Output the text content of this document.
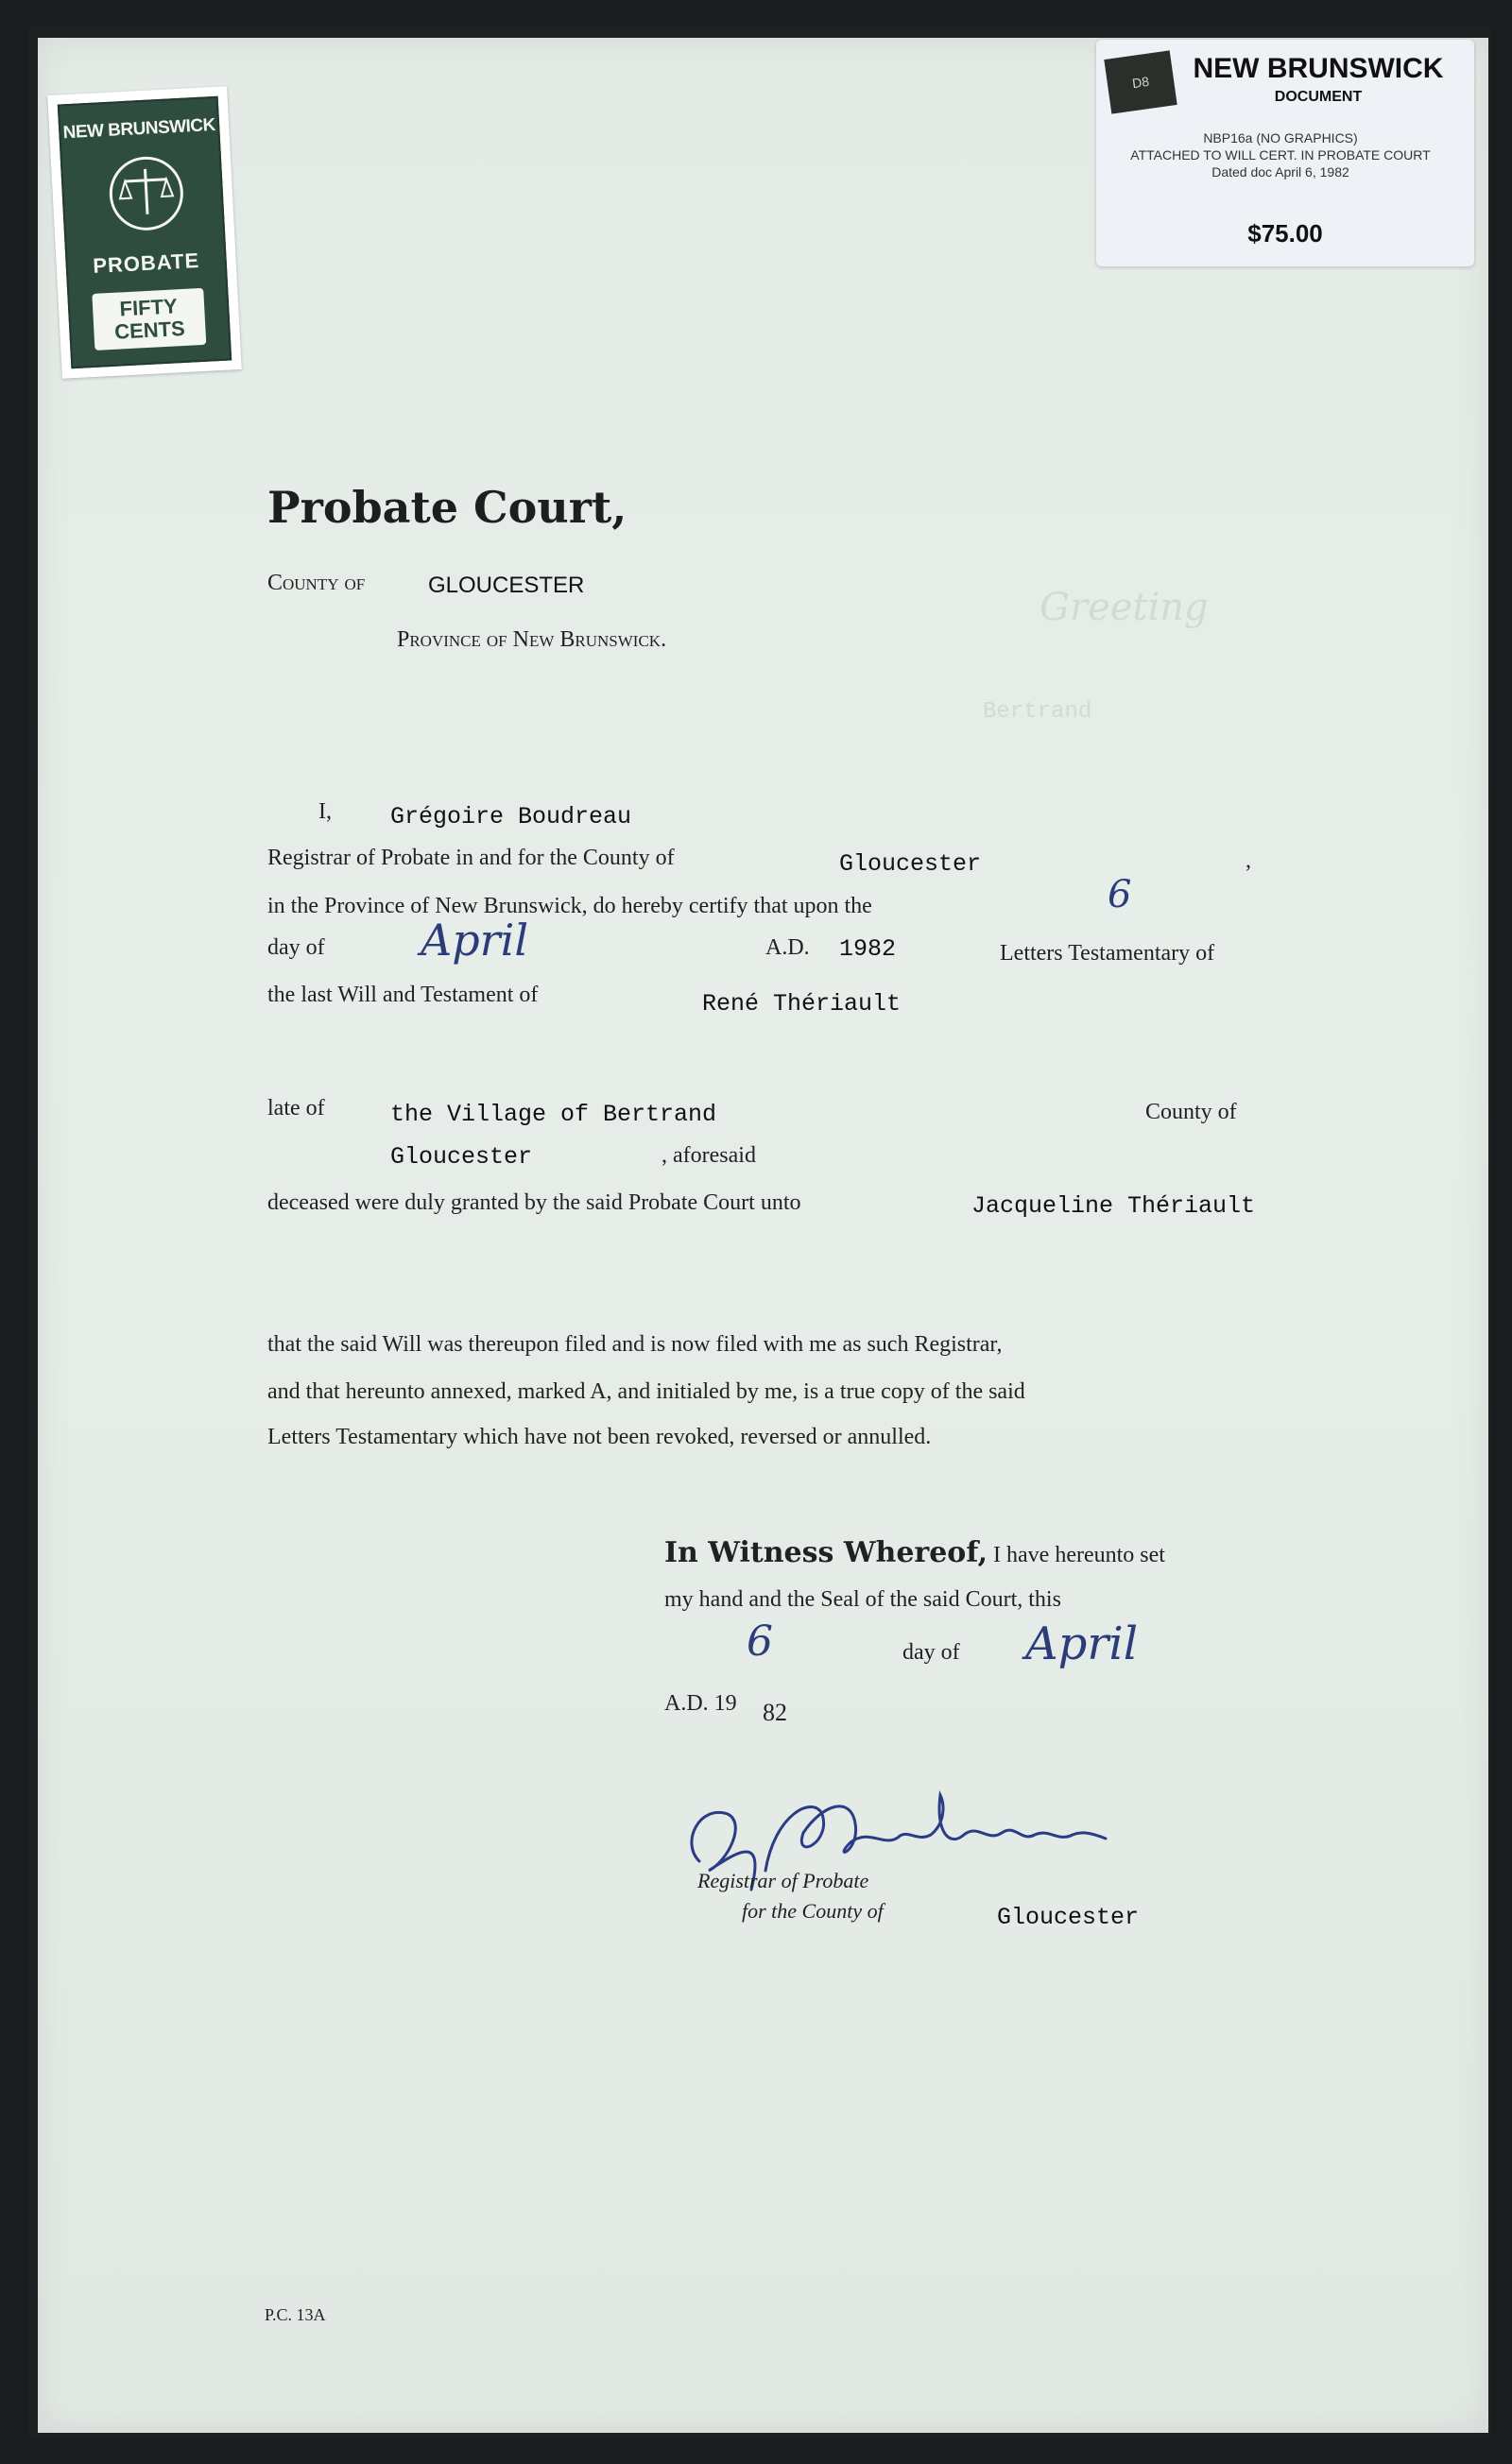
Greeting
Bertrand
NEW BRUNSWICK
PROBATE
FIFTY
CENTS
D8	NEW BRUNSWICK
DOCUMENT
NBP16a (NO GRAPHICS)
ATTACHED TO WILL CERT. IN PROBATE COURT
Dated doc April 6, 1982
$75.00
Probate Court,
County of	GLOUCESTER
Province of New Brunswick.
I, Grégoire Boudreau
Registrar of Probate in and for the County of	Gloucester	,
in the Province of New Brunswick, do hereby certify that upon the	6
day of April	A.D. 1982	Letters Testamentary of
the last Will and Testament of	René Thériault
late of	the Village of Bertrand	County of
Gloucester	, aforesaid
deceased were duly granted by the said Probate Court unto	Jacqueline Thériault
that the said Will was thereupon filed and is now filed with me as such Registrar,
and that hereunto annexed, marked A, and initialed by me, is a true copy of the said
Letters Testamentary which have not been revoked, reversed or annulled.
In Witness Whereof, I have hereunto set
my hand and the Seal of the said Court, this
6	day of April
A.D. 19 82
Registrar of Probate
for the County of	Gloucester
P.C. 13A
